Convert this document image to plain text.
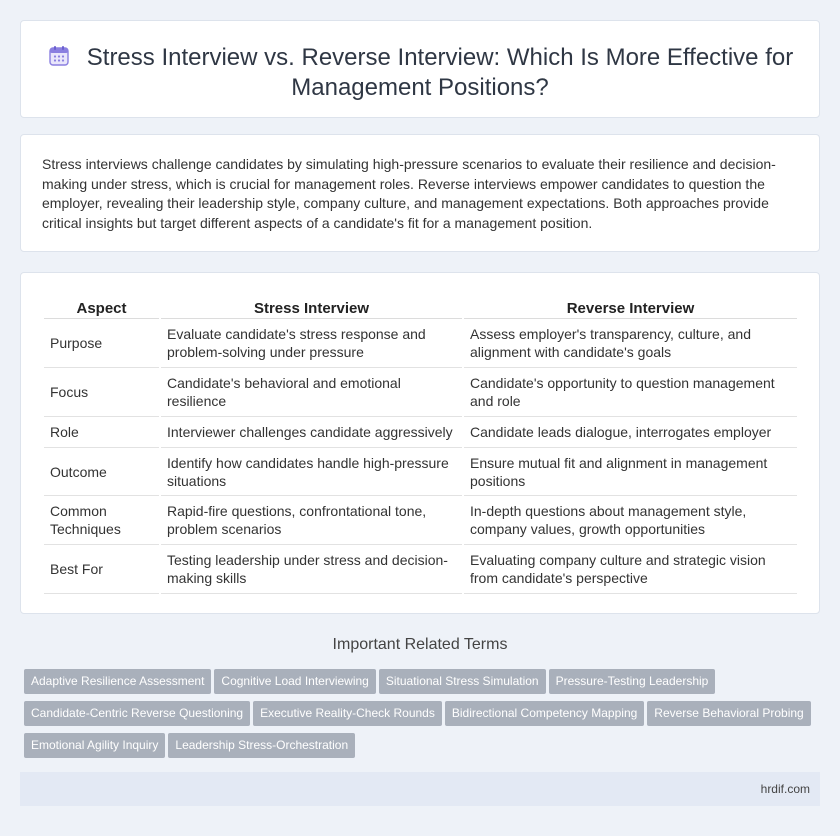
Stress Interview vs. Reverse Interview: Which Is More Effective for Management Positions?

Stress interviews challenge candidates by simulating high-pressure scenarios to evaluate their resilience and decision-making under stress, which is crucial for management roles. Reverse interviews empower candidates to question the employer, revealing their leadership style, company culture, and management expectations. Both approaches provide critical insights but target different aspects of a candidate's fit for a management position.

Aspect	Stress Interview	Reverse Interview
Purpose	Evaluate candidate's stress response and problem-solving under pressure	Assess employer's transparency, culture, and alignment with candidate's goals
Focus	Candidate's behavioral and emotional resilience	Candidate's opportunity to question management and role
Role	Interviewer challenges candidate aggressively	Candidate leads dialogue, interrogates employer
Outcome	Identify how candidates handle high-pressure situations	Ensure mutual fit and alignment in management positions
Common Techniques	Rapid-fire questions, confrontational tone, problem scenarios	In-depth questions about management style, company values, growth opportunities
Best For	Testing leadership under stress and decision-making skills	Evaluating company culture and strategic vision from candidate's perspective
Important Related Terms
Adaptive Resilience Assessment Cognitive Load Interviewing Situational Stress Simulation Pressure-Testing Leadership
Candidate-Centric Reverse Questioning Executive Reality-Check Rounds Bidirectional Competency Mapping Reverse Behavioral Probing
Emotional Agility Inquiry Leadership Stress-Orchestration
hrdif.com
